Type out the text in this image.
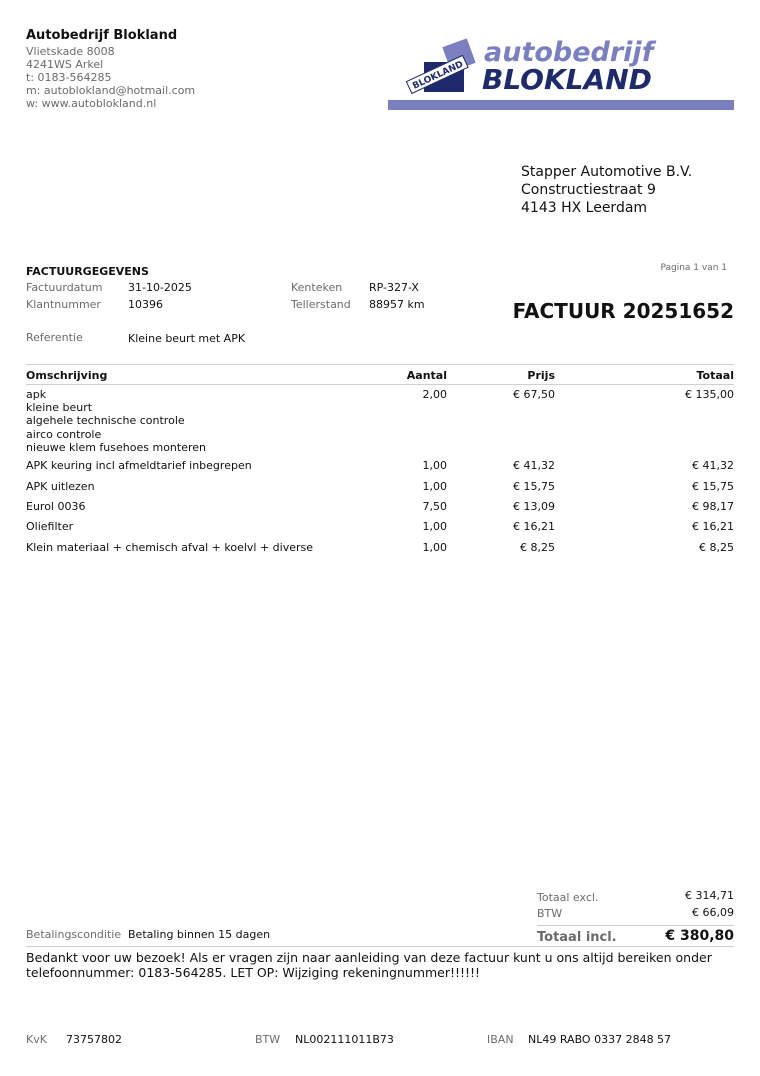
Autobedrijf Blokland
Vlietskade 8008
4241WS Arkel
t: 0183-564285
m: autoblokland@hotmail.com
w: www.autoblokland.nl
BLOKLAND
autobedrijf
BLOKLAND
Stapper Automotive B.V.
Constructiestraat 9
4143 HX Leerdam
FACTUURGEGEVENS	Pagina 1 van 1
Factuurdatum 31-10-2025
Klantnummer 10396
Kenteken RP-327-X
Tellerstand 88957 km	FACTUUR 20251652
Referentie	Kleine beurt met APK
Omschrijving	Aantal	Prijs	Totaal
apk
kleine beurt
algehele technische controle
airco controle
nieuwe klem fusehoes monteren
2,00	€ 67,50	€ 135,00
APK keuring incl afmeldtarief inbegrepen	1,00	€ 41,32	€ 41,32
APK uitlezen	1,00	€ 15,75	€ 15,75
Eurol 0036	7,50	€ 13,09	€ 98,17
Oliefilter	1,00	€ 16,21	€ 16,21
Klein materiaal + chemisch afval + koelvl + diverse	1,00	€ 8,25	€ 8,25
Totaal excl.	€ 314,71
BTW	€ 66,09
Totaal incl.	€ 380,80
Betalingsconditie Betaling binnen 15 dagen
Bedankt voor uw bezoek! Als er vragen zijn naar aanleiding van deze factuur kunt u ons altijd bereiken onder telefoonnummer: 0183-564285. LET OP: Wijziging rekeningnummer!!!!!!
KvK 73757802	BTW NL002111011B73	IBAN NL49 RABO 0337 2848 57
